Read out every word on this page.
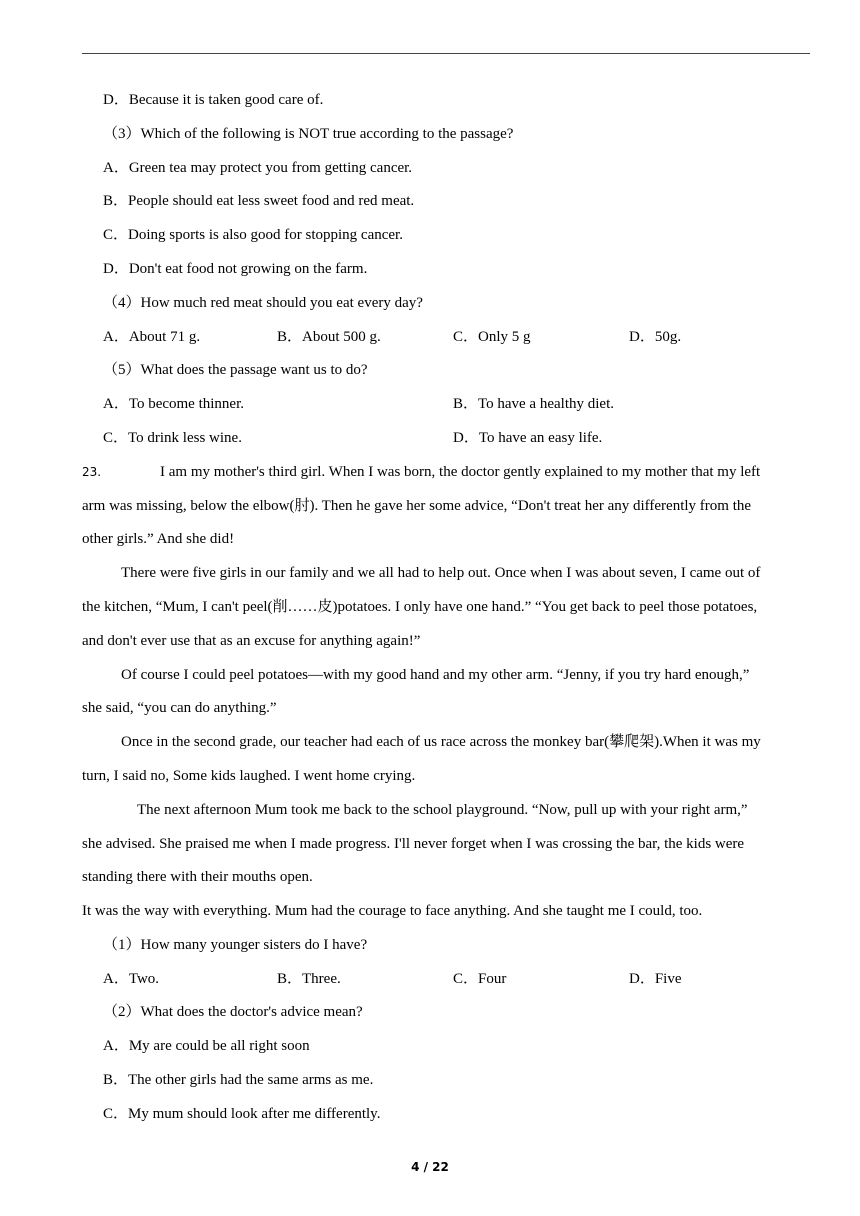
D．Because it is taken good care of.
（3）Which of the following is NOT true according to the passage?
A．Green tea may protect you from getting cancer.
B．People should eat less sweet food and red meat.
C．Doing sports is also good for stopping cancer.
D．Don't eat food not growing on the farm.
（4）How much red meat should you eat every day?
A．About 71 g.	B．About 500 g.	C．Only 5 g	D．50g.
（5）What does the passage want us to do?
A．To become thinner.	B．To have a healthy diet.
C．To drink less wine.	D．To have an easy life.
23.	I am my mother's third girl. When I was born, the doctor gently explained to my mother that my left
arm was missing, below the elbow(肘). Then he gave her some advice, “Don't treat her any differently from the
other girls.” And she did!
There were five girls in our family and we all had to help out. Once when I was about seven, I came out of
the kitchen, “Mum, I can't peel(削……皮)potatoes. I only have one hand.” “You get back to peel those potatoes,
and don't ever use that as an excuse for anything again!”
Of course I could peel potatoes—with my good hand and my other arm. “Jenny, if you try hard enough,”
she said, “you can do anything.”
Once in the second grade, our teacher had each of us race across the monkey bar(攀爬架).When it was my
turn, I said no, Some kids laughed. I went home crying.
The next afternoon Mum took me back to the school playground. “Now, pull up with your right arm,”
she advised. She praised me when I made progress. I'll never forget when I was crossing the bar, the kids were
standing there with their mouths open.
It was the way with everything. Mum had the courage to face anything. And she taught me I could, too.
（1）How many younger sisters do I have?
A．Two.	B．Three.	C．Four	D．Five
（2）What does the doctor's advice mean?
A．My are could be all right soon
B．The other girls had the same arms as me.
C．My mum should look after me differently.
4 / 22
